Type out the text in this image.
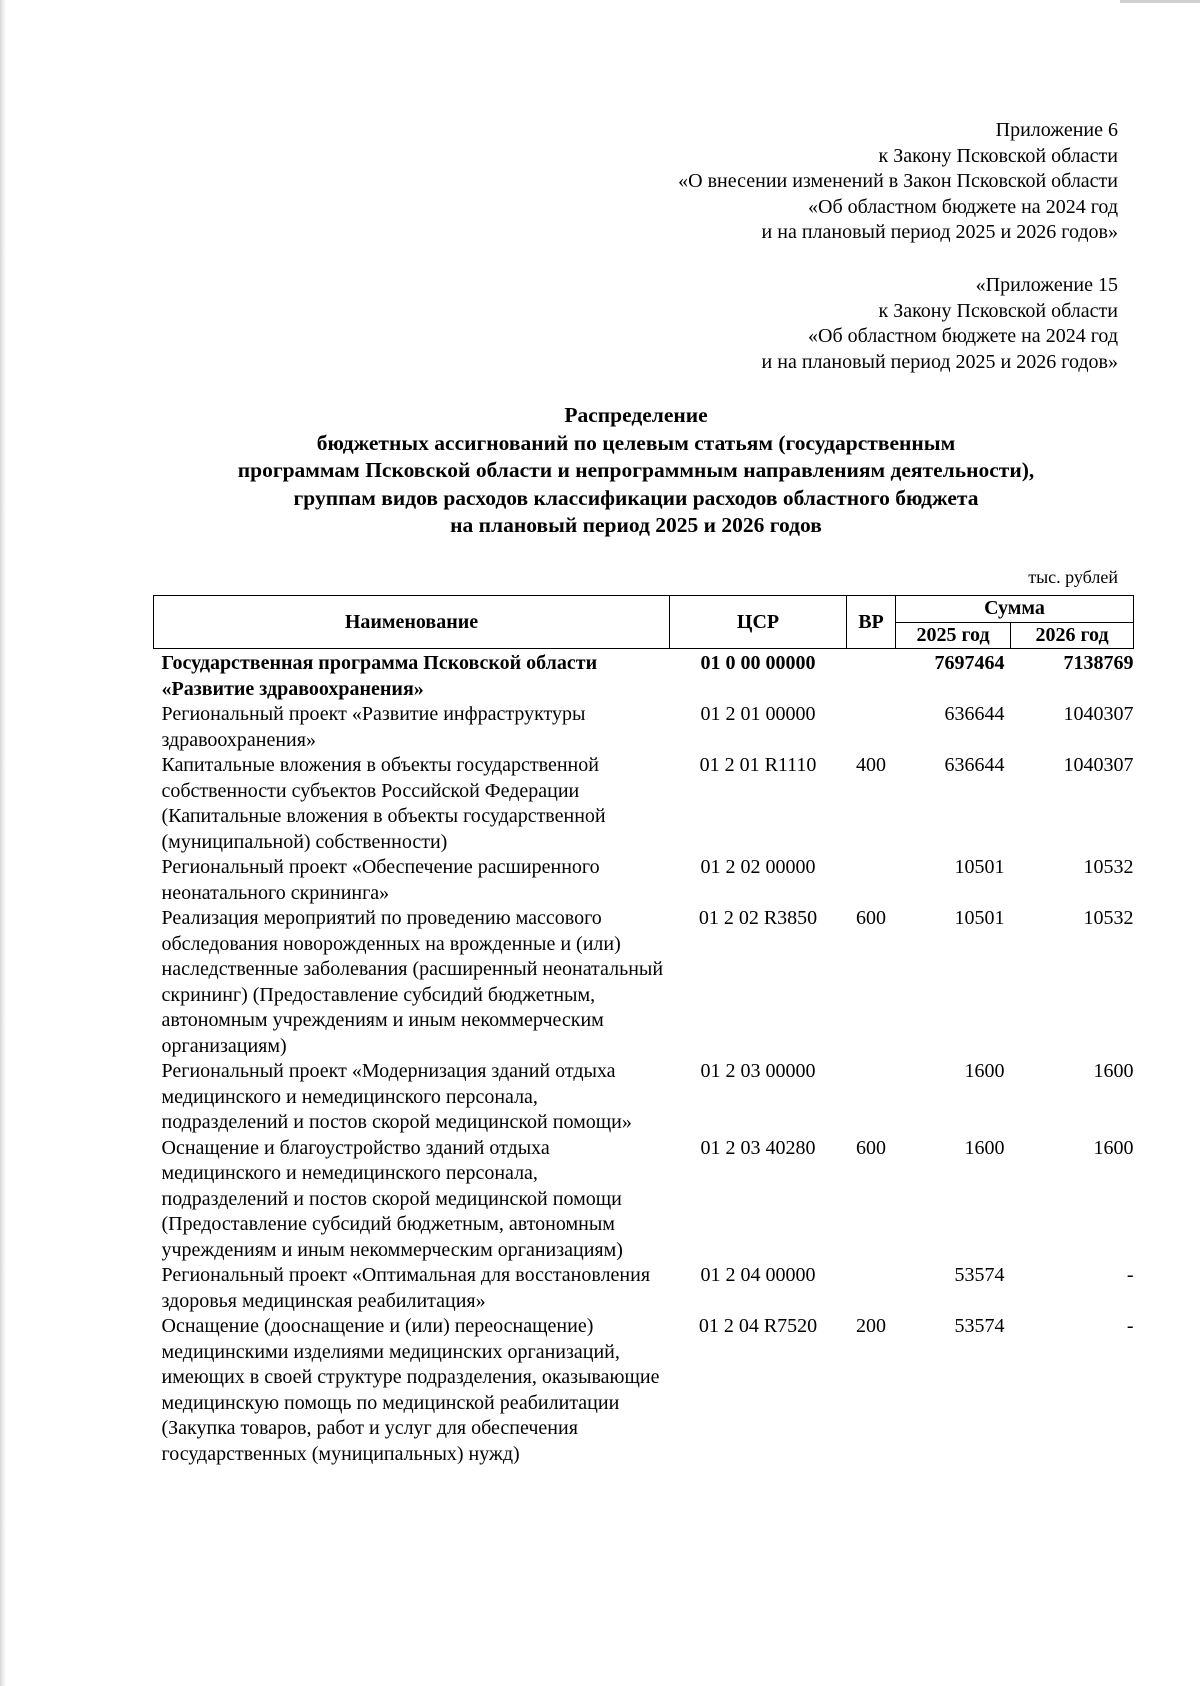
Приложение 6
к Закону Псковской области
«О внесении изменений в Закон Псковской области
«Об областном бюджете на 2024 год
и на плановый период 2025 и 2026 годов»
«Приложение 15
к Закону Псковской области
«Об областном бюджете на 2024 год
и на плановый период 2025 и 2026 годов»
Распределение
бюджетных ассигнований по целевым статьям (государственным
программам Псковской области и непрограммным направлениям деятельности),
группам видов расходов классификации расходов областного бюджета
на плановый период 2025 и 2026 годов
тыс. рублей
Наименование	ЦСР	ВР	Сумма	
			2025 год	2026 год
Государственная программа Псковской области «Развитие здравоохранения»	01 0 00 00000		7697464	7138769
Региональный проект «Развитие инфраструктуры здравоохранения»	01 2 01 00000		636644	1040307
Капитальные вложения в объекты государственной собственности субъектов Российской Федерации (Капитальные вложения в объекты государственной (муниципальной) собственности)	01 2 01 R1110	400	636644	1040307
Региональный проект «Обеспечение расширенного неонатального скрининга»	01 2 02 00000		10501	10532
Реализация мероприятий по проведению массового обследования новорожденных на врожденные и (или) наследственные заболевания (расширенный неонатальный скрининг) (Предоставление субсидий бюджетным, автономным учреждениям и иным некоммерческим организациям)	01 2 02 R3850	600	10501	10532
Региональный проект «Модернизация зданий отдыха медицинского и немедицинского персонала, подразделений и постов скорой медицинской помощи»	01 2 03 00000		1600	1600
Оснащение и благоустройство зданий отдыха медицинского и немедицинского персонала, подразделений и постов скорой медицинской помощи (Предоставление субсидий бюджетным, автономным учреждениям и иным некоммерческим организациям)	01 2 03 40280	600	1600	1600
Региональный проект «Оптимальная для восстановления здоровья медицинская реабилитация»	01 2 04 00000		53574	-
Оснащение (дооснащение и (или) переоснащение) медицинскими изделиями медицинских организаций, имеющих в своей структуре подразделения, оказывающие медицинскую помощь по медицинской реабилитации (Закупка товаров, работ и услуг для обеспечения государственных (муниципальных) нужд)	01 2 04 R7520	200	53574	-
